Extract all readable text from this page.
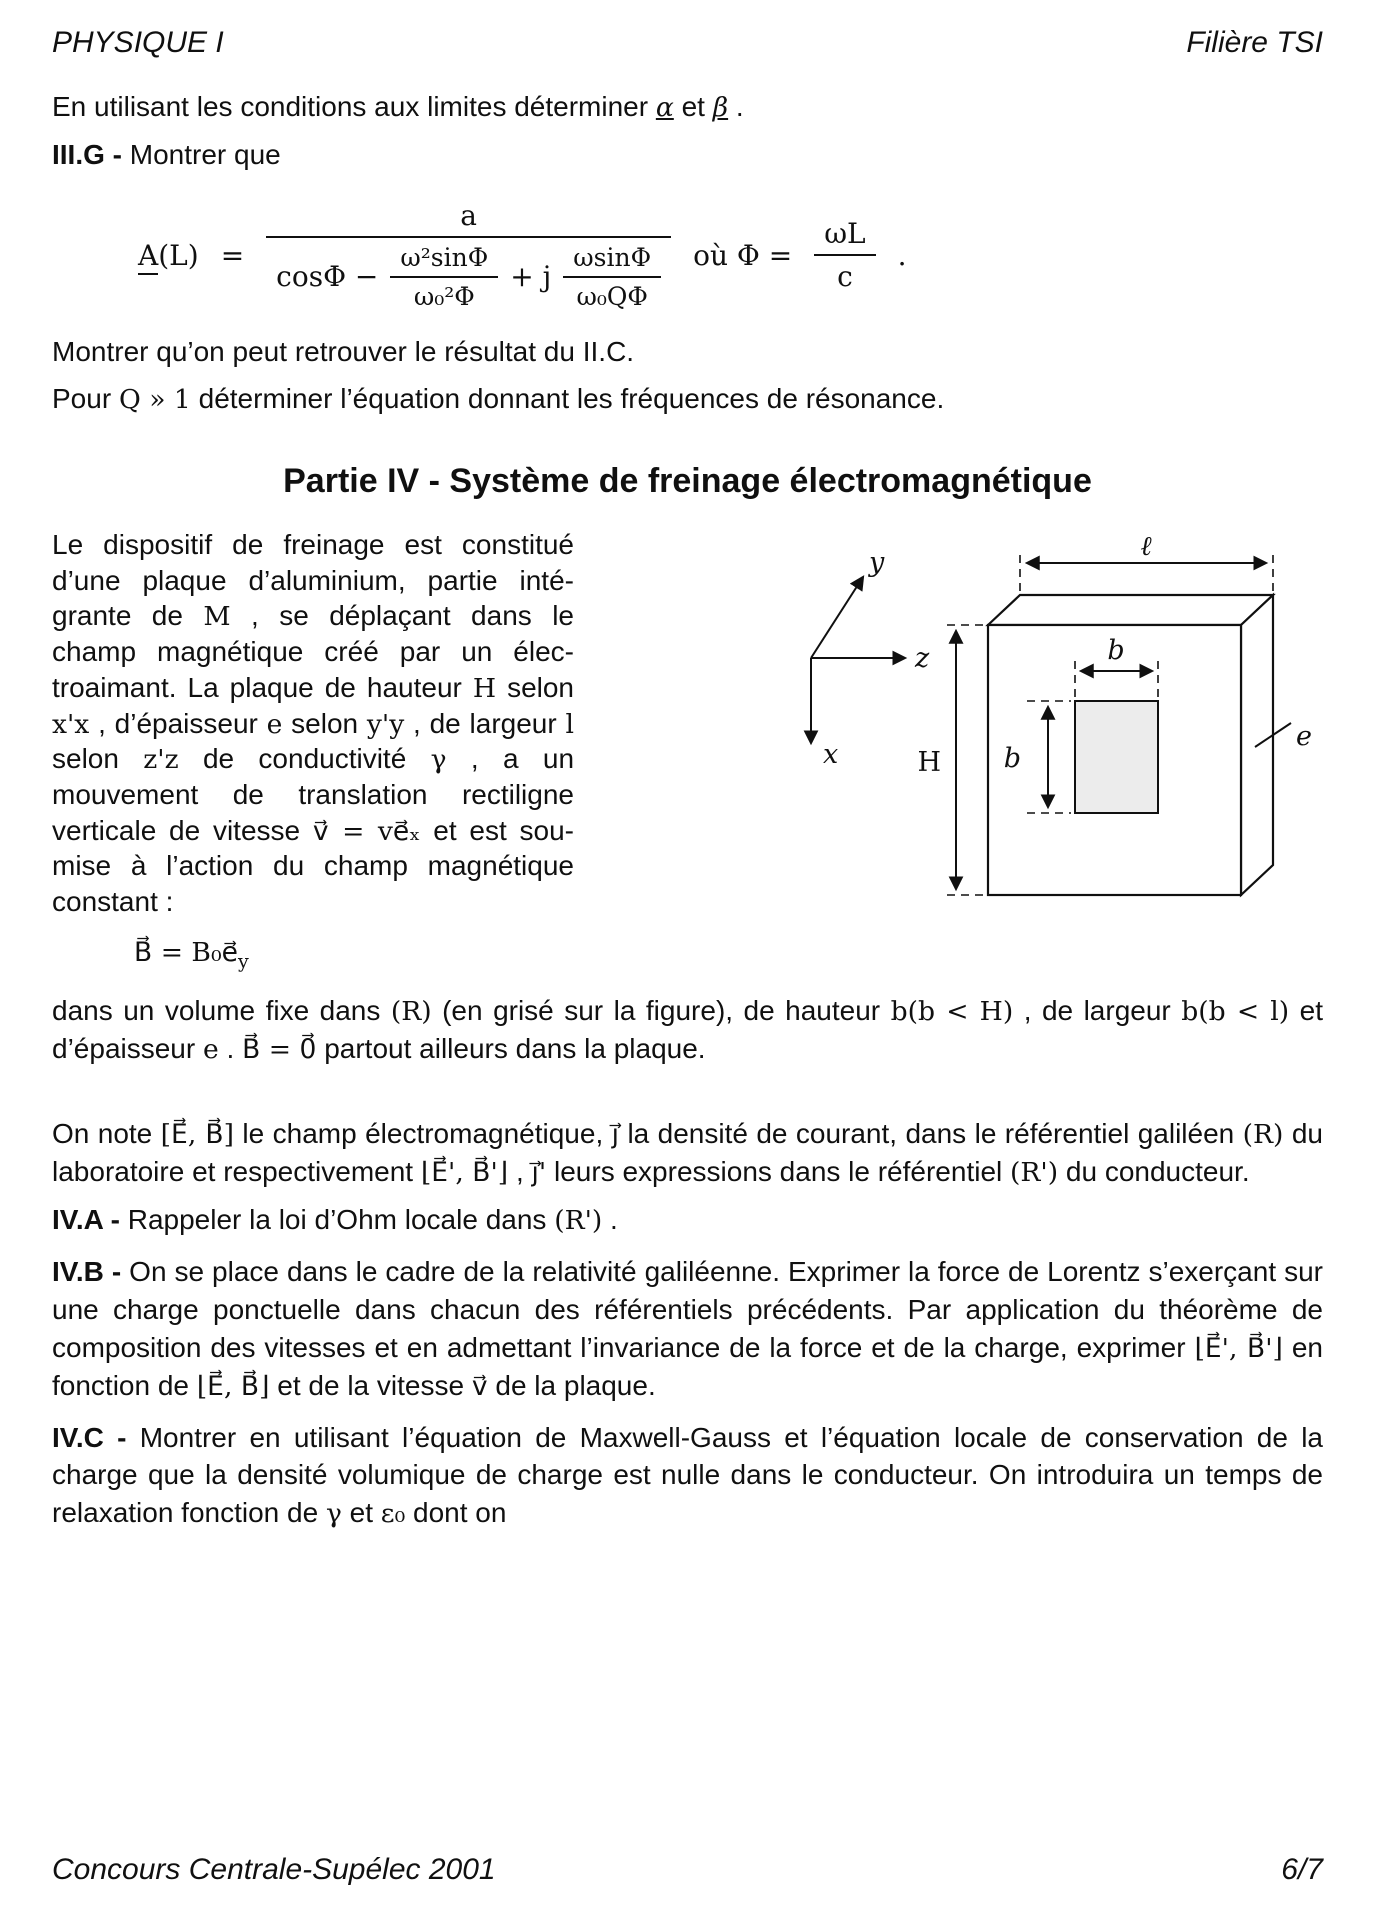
PHYSIQUE I	Filière TSI

En utilisant les conditions aux limites déterminer α et β .

III.G - Montrer que

A(L) =
a
$\cos\Phi - \frac{\text{ω²sinΦ}}{\text{ω₀²Φ}} + j \frac{\omega\sin\Phi}{\text{ω₀QΦ}}$ où $\Phi = \frac{\omega L}{c}$ .

Montrer qu’on peut retrouver le résultat du II.C.

Pour Q » 1 déterminer l’équation donnant les fréquences de résonance.

Partie IV - Système de freinage électromagnétique
Le dispositif de freinage est constitué d’une plaque d’aluminium, partie intégrante de M , se déplaçant dans le champ magnétique créé par un électroaimant. La plaque de hauteur H selon x'x , d’épaisseur e selon y'y , de largeur l selon z'z de conductivité γ , a un mouvement de translation rectiligne verticale de vitesse v⃗ = ve⃗ₓ et est soumise à l’action du champ magnétique constant :
y
z
x
ℓ
H
b
b
e

B⃗ = $B_0e⃗_y$

dans un volume fixe dans (R) (en grisé sur la figure), de hauteur b(b < H) , de largeur b(b < l) et d’épaisseur e . B⃗ = 0⃗ partout ailleurs dans la plaque.

On note [E⃗, B⃗] le champ électromagnétique, j⃗ la densité de courant, dans le référentiel galiléen (R) du laboratoire et respectivement ⌊E⃗', B⃗'⌋ , j⃗' leurs expressions dans le référentiel (R') du conducteur.

IV.A - Rappeler la loi d’Ohm locale dans (R') .

IV.B - On se place dans le cadre de la relativité galiléenne. Exprimer la force de Lorentz s’exerçant sur une charge ponctuelle dans chacun des référentiels précédents. Par application du théorème de composition des vitesses et en admettant l’invariance de la force et de la charge, exprimer ⌊E⃗', B⃗'⌋ en fonction de ⌊E⃗, B⃗⌋ et de la vitesse v⃗ de la plaque.

IV.C - Montrer en utilisant l’équation de Maxwell-Gauss et l’équation locale de conservation de la charge que la densité volumique de charge est nulle dans le conducteur. On introduira un temps de relaxation fonction de γ et ε₀ dont on

Concours Centrale-Supélec 2001	6/7
